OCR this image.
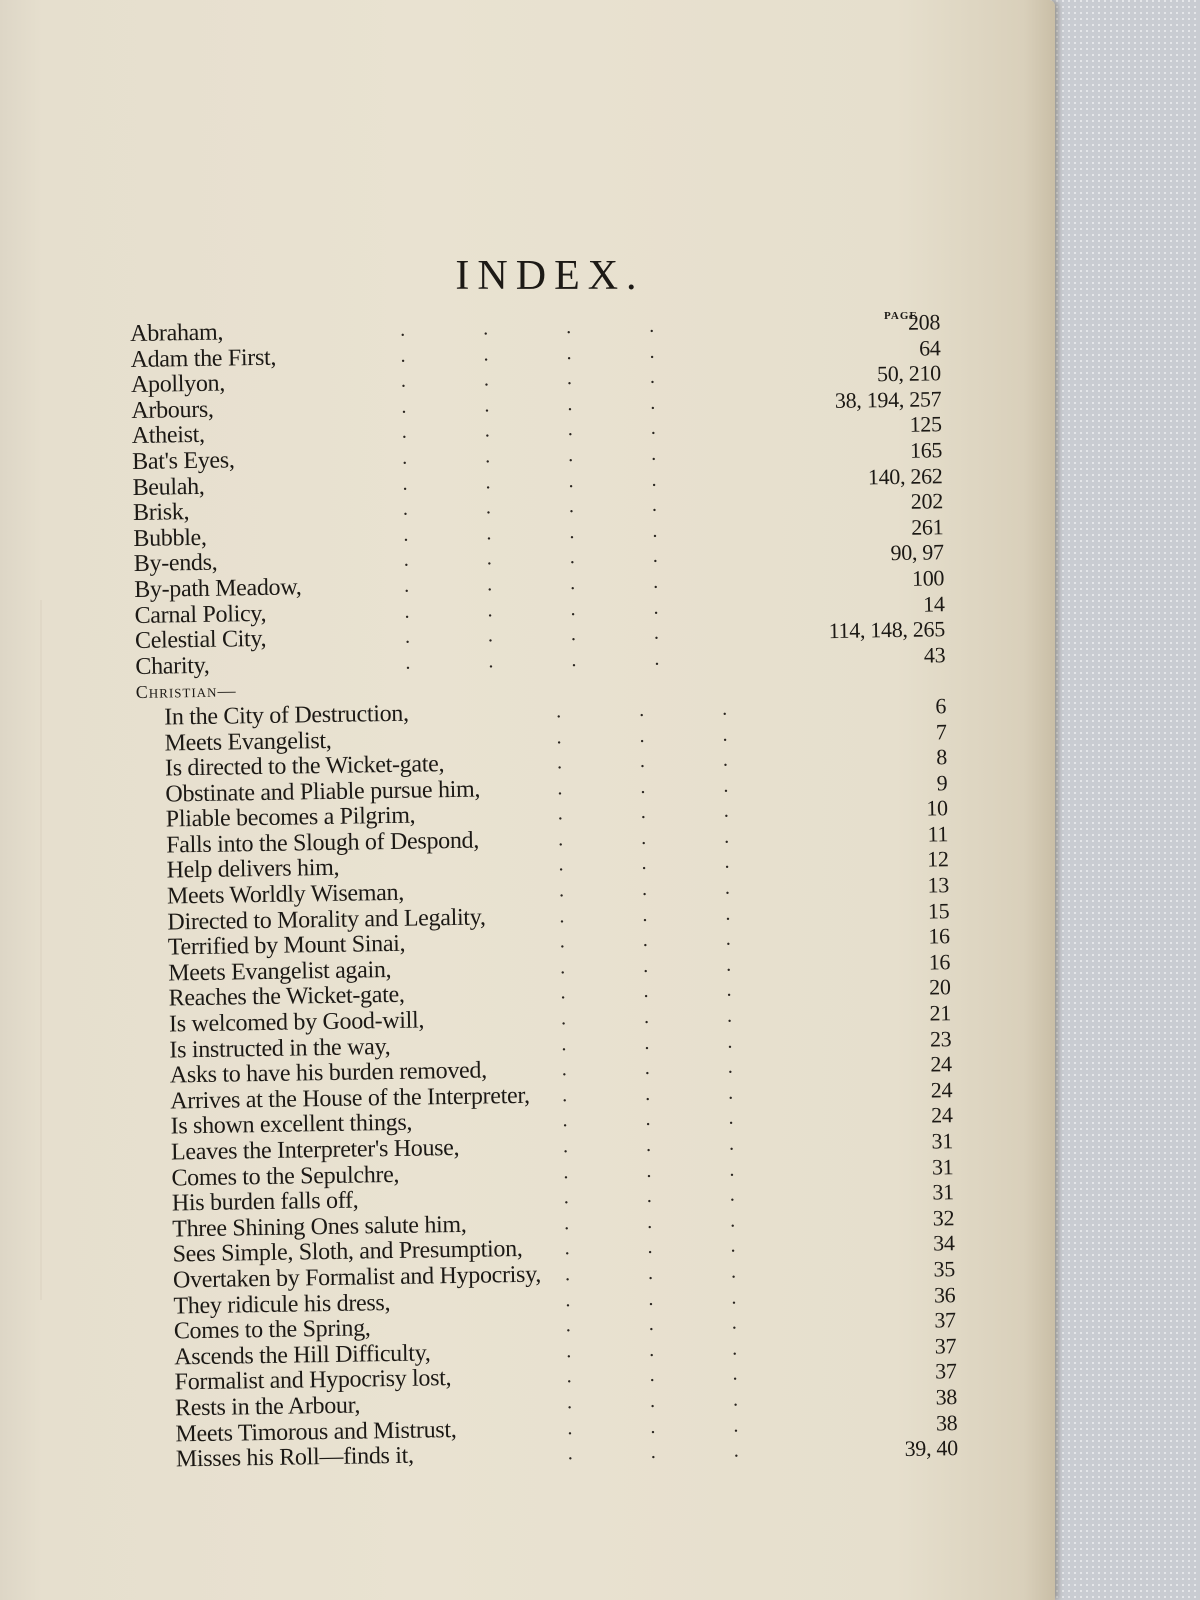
INDEX.
PAGE
Abraham,	....	208
Adam the First,	....	64
Apollyon,	....	50, 210
Arbours,	....	38, 194, 257
Atheist,	....	125
Bat's Eyes,	....	165
Beulah,	....	140, 262
Brisk,	....	202
Bubble,	....	261
By-ends,	....	90, 97
By-path Meadow,	....	100
Carnal Policy,	....	14
Celestial City,	....	114, 148, 265
Charity,	....	43
Christian—
In the City of Destruction,	...	6
Meets Evangelist,	...	7
Is directed to the Wicket-gate,	...	8
Obstinate and Pliable pursue him,	...	9
Pliable becomes a Pilgrim,	...	10
Falls into the Slough of Despond,	...	11
Help delivers him,	...	12
Meets Worldly Wiseman,	...	13
Directed to Morality and Legality,	...	15
Terrified by Mount Sinai,	...	16
Meets Evangelist again,	...	16
Reaches the Wicket-gate,	...	20
Is welcomed by Good-will,	...	21
Is instructed in the way,	...	23
Asks to have his burden removed,	...	24
Arrives at the House of the Interpreter, ...	24
Is shown excellent things,	...	24
Leaves the Interpreter's House,	...	31
Comes to the Sepulchre,	...	31
His burden falls off,	...	31
Three Shining Ones salute him,	...	32
Sees Simple, Sloth, and Presumption, ...	34
Overtaken by Formalist and Hypocrisy, ...	35
They ridicule his dress,	...	36
Comes to the Spring,	...	37
Ascends the Hill Difficulty,	...	37
Formalist and Hypocrisy lost,	...	37
Rests in the Arbour,	...	38
Meets Timorous and Mistrust,	...	38
Misses his Roll—finds it,	...	39, 40
